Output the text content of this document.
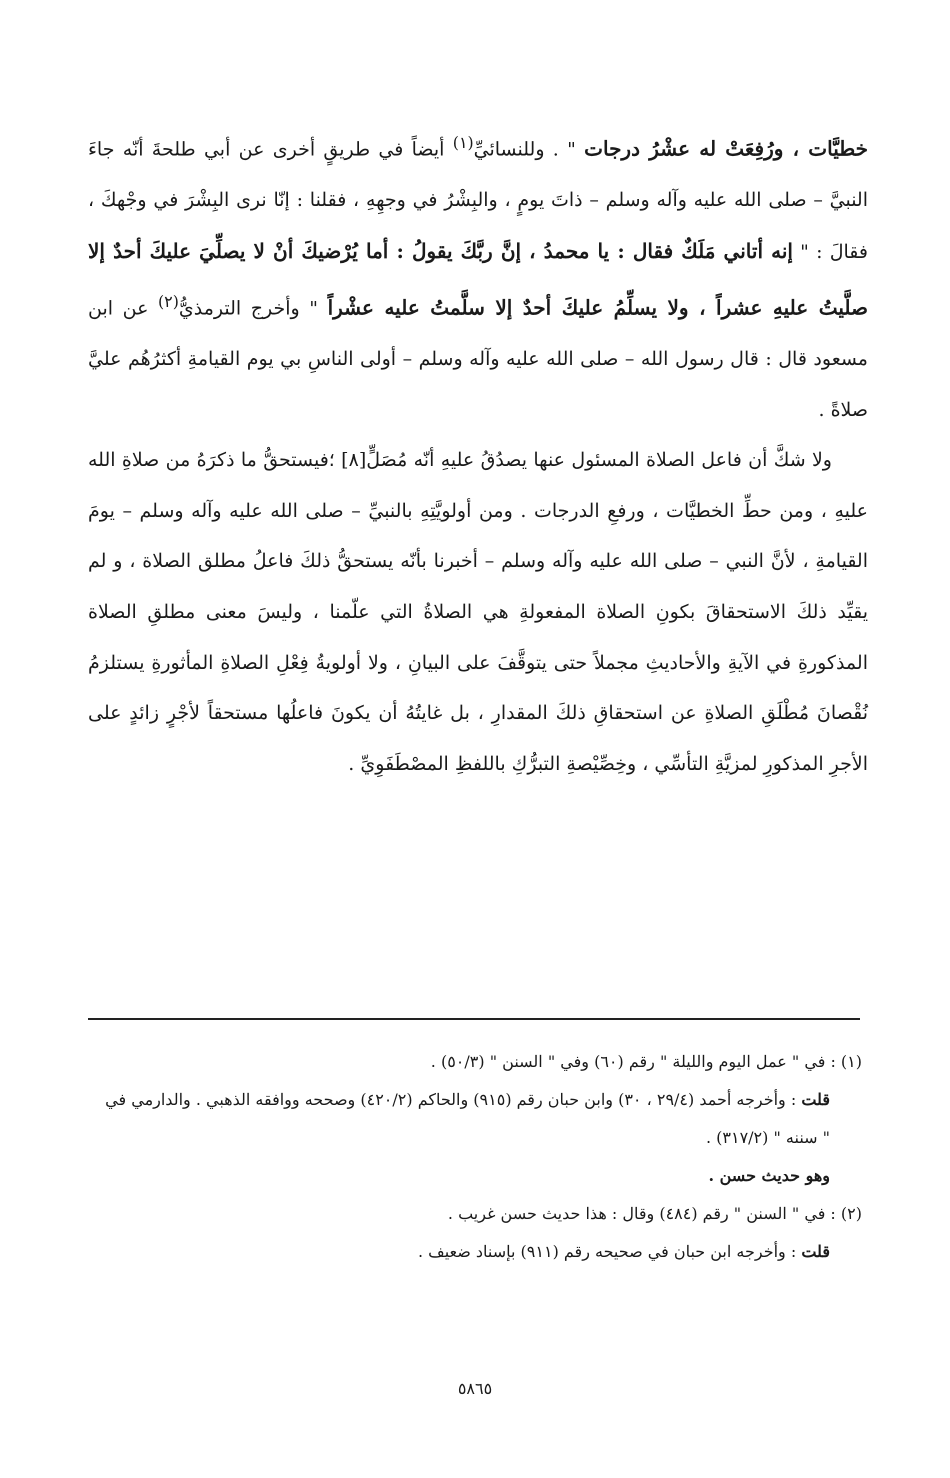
خطيَّات ، ورُفِعَتْ له عشْرُ درجات " . وللنسائيِّ$^{(١)}$ أيضاً في طريقٍ أخرى عن أبي طلحةَ أنّه جاءَ النبيَّ – صلى الله عليه وآله وسلم – ذاتَ يومٍ ، والبِشْرُ في وجهِهِ ، فقلنا : إنّا نرى البِشْرَ في وجْهكَ ، فقالَ : " إنه أتاني مَلَكٌ فقال : يا محمدُ ، إنَّ ربَّكَ يقولُ : أما يُرْضيكَ أنْ لا يصلِّيَ عليكَ أحدٌ إلا صلَّيتُ عليهِ عشراً ، ولا يسلِّمُ عليكَ أحدٌ إلا سلَّمتُ عليه عشْراً " وأخرج الترمذيُّ$^{(٢)}$ عن ابن مسعود قال : قال رسول الله – صلى الله عليه وآله وسلم – أولى الناسِ بي يوم القيامةِ أكثرُهُم عليَّ صلاةً .

ولا شكَّ أن فاعل الصلاة المسئول عنها يصدُقُ عليهِ أنّه مُصَلٍّ[٨] ؛فيستحقُّ ما ذكرَهُ من صلاةِ الله عليهِ ، ومن حطِّ الخطيَّات ، ورفعِ الدرجات . ومن أولويَّتِهِ بالنبيِّ – صلى الله عليه وآله وسلم – يومَ القيامةِ ، لأنَّ النبي – صلى الله عليه وآله وسلم – أخبرنا بأنّه يستحقُّ ذلكَ فاعلُ مطلق الصلاة ، و لم يقيِّد ذلكَ الاستحقاقَ بكونِ الصلاة المفعولةِ هي الصلاةُ التي علّمنا ، وليسَ معنى مطلقِ الصلاة المذكورةِ في الآيةِ والأحاديثِ مجملاً حتى يتوقَّفَ على البيانِ ، ولا أولويةُ فِعْلِ الصلاةِ المأثورةِ يستلزمُ نُقْصانَ مُطْلَقِ الصلاةِ عن استحقاقِ ذلكَ المقدارِ ، بل غايتُهُ أن يكونَ فاعلُها مستحقاً لأجْرٍ زائدٍ على الأجرِ المذكورِ لمزيَّةِ التأسِّي ، وخِصِّيْصةِ التبرُّكِ باللفظِ المصْطَفَوِيِّ .

(١) : في " عمل اليوم والليلة " رقم (٦٠) وفي " السنن " (٥٠/٣) .
قلت : وأخرجه أحمد (٢٩/٤ ، ٣٠) وابن حبان رقم (٩١٥) والحاكم (٤٢٠/٢) وصححه ووافقه الذهبي . والدارمي في " سننه " (٣١٧/٢) .
وهو حديث حسن .
(٢) : في " السنن " رقم (٤٨٤) وقال : هذا حديث حسن غريب .
قلت : وأخرجه ابن حبان في صحيحه رقم (٩١١) بإسناد ضعيف .
٥٨٦٥
